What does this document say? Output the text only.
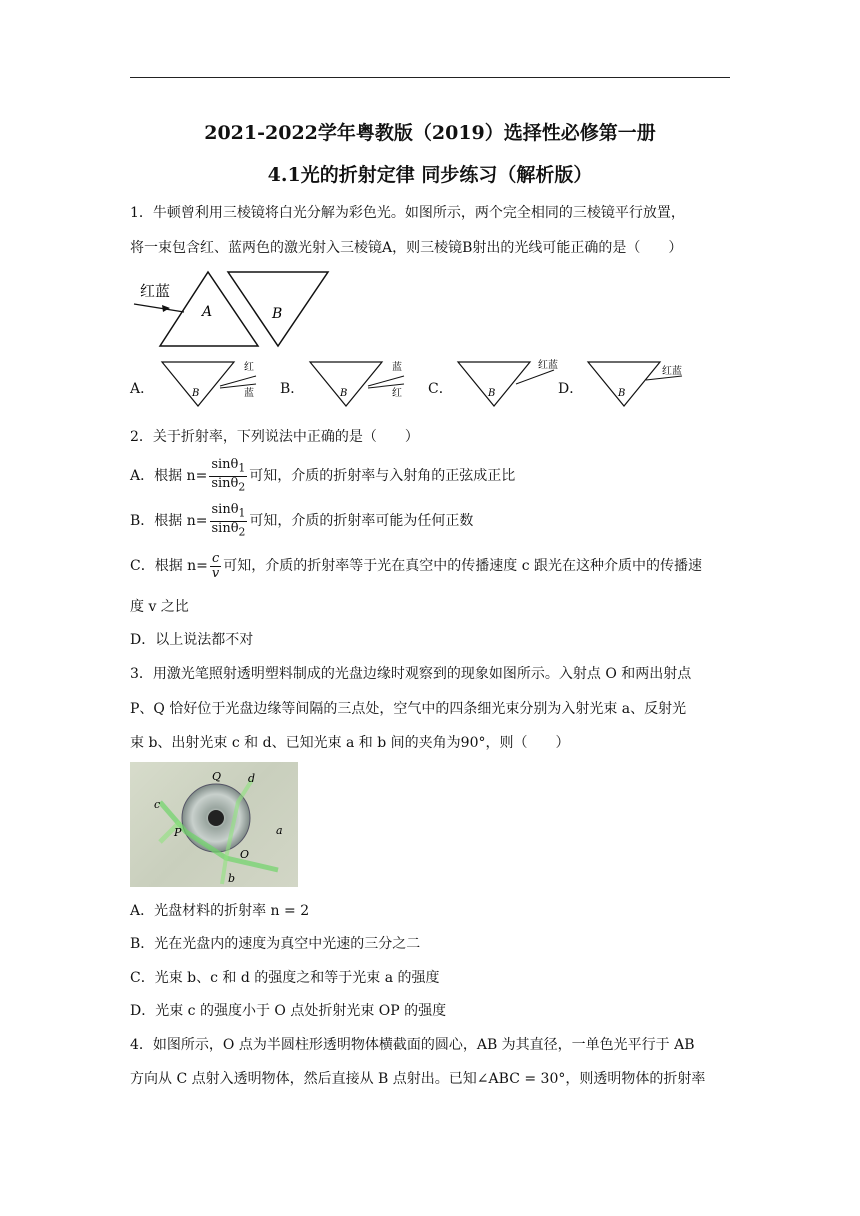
2021-2022学年粤教版（2019）选择性必修第一册
4.1光的折射定律 同步练习（解析版）
1．牛顿曾利用三棱镜将白光分解为彩色光。如图所示，两个完全相同的三棱镜平行放置，
将一束包含红、蓝两色的激光射入三棱镜A，则三棱镜B射出的光线可能正确的是（　　）
红蓝
A	B
A．	B
红
蓝 B．	B
蓝
红 C．	B
红蓝
D．	B
红蓝
2．关于折射率，下列说法中正确的是（　　）
A．根据 $n= \frac{\sin\theta_1}{\sin\theta_2}$ 可知，介质的折射率与入射角的正弦成正比
B．根据 $n= \frac{\sin\theta_1}{\sin\theta_2}$ 可知，介质的折射率可能为任何正数
C．根据 $n= \frac{c}{v}$ 可知，介质的折射率等于光在真空中的传播速度 c 跟光在这种介质中的传播速
度 v 之比
D．以上说法都不对
3．用激光笔照射透明塑料制成的光盘边缘时观察到的现象如图所示。入射点 O 和两出射点
P、Q 恰好位于光盘边缘等间隔的三点处，空气中的四条细光束分别为入射光束 a、反射光
束 b、出射光束 c 和 d、已知光束 a 和 b 间的夹角为90°，则（　　）
Q d
c
P	a
O
b
A．光盘材料的折射率 n = 2
B．光在光盘内的速度为真空中光速的三分之二
C．光束 b、c 和 d 的强度之和等于光束 a 的强度
D．光束 c 的强度小于 O 点处折射光束 OP 的强度
4．如图所示，O 点为半圆柱形透明物体横截面的圆心，AB 为其直径，一单色光平行于 AB
方向从 C 点射入透明物体，然后直接从 B 点射出。已知∠ABC = 30°，则透明物体的折射率
